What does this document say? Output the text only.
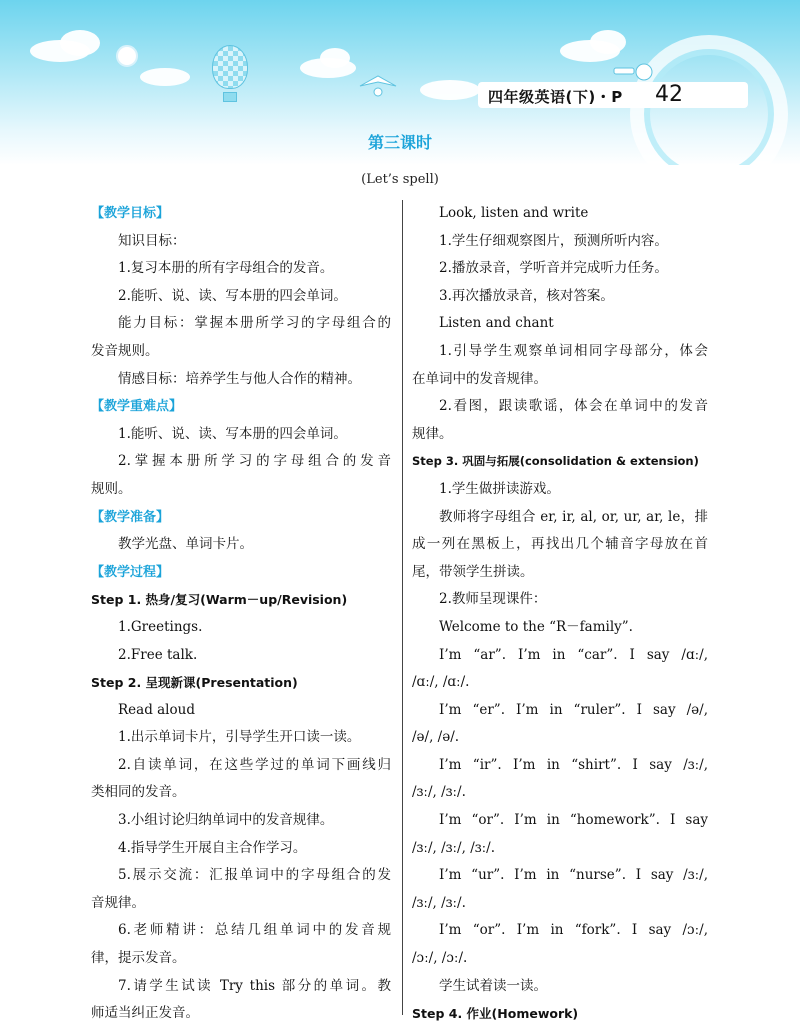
四年级英语(下)・P 42
第三课时
(Let’s spell)
【教学目标】
知识目标：
1.复习本册的所有字母组合的发音。
2.能听、说、读、写本册的四会单词。
能力目标：掌握本册所学习的字母组合的
发音规则。
情感目标：培养学生与他人合作的精神。
【教学重难点】
1.能听、说、读、写本册的四会单词。
2.掌握本册所学习的字母组合的发音
规则。
【教学准备】
教学光盘、单词卡片。
【教学过程】
Step 1. 热身/复习(Warm－up/Revision)
1.Greetings.
2.Free talk.
Step 2. 呈现新课(Presentation)
Read aloud
1.出示单词卡片，引导学生开口读一读。
2.自读单词，在这些学过的单词下画线归
类相同的发音。
3.小组讨论归纳单词中的发音规律。
4.指导学生开展自主合作学习。
5.展示交流：汇报单词中的字母组合的发
音规律。
6.老师精讲：总结几组单词中的发音规
律，提示发音。
7.请学生试读 Try this 部分的单词。教
师适当纠正发音。
Look, listen and write
1.学生仔细观察图片，预测所听内容。
2.播放录音，学听音并完成听力任务。
3.再次播放录音，核对答案。
Listen and chant
1.引导学生观察单词相同字母部分，体会
在单词中的发音规律。
2.看图，跟读歌谣，体会在单词中的发音
规律。
Step 3. 巩固与拓展(consolidation & extension)
1.学生做拼读游戏。
教师将字母组合 er, ir, al, or, ur, ar, le，排
成一列在黑板上，再找出几个辅音字母放在首
尾，带领学生拼读。
2.教师呈现课件：
Welcome to the “R－family”.
I’m “ar”. I’m in “car”. I say /ɑː/,
/ɑː/, /ɑː/.
I’m “er”. I’m in “ruler”. I say /ə/,
/ə/, /ə/.
I’m “ir”. I’m in “shirt”. I say /ɜː/,
/ɜː/, /ɜː/.
I’m “or”. I’m in “homework”. I say
/ɜː/, /ɜː/, /ɜː/.
I’m “ur”. I’m in “nurse”. I say /ɜː/,
/ɜː/, /ɜː/.
I’m “or”. I’m in “fork”. I say /ɔː/,
/ɔː/, /ɔː/.
学生试着读一读。
Step 4. 作业(Homework)
